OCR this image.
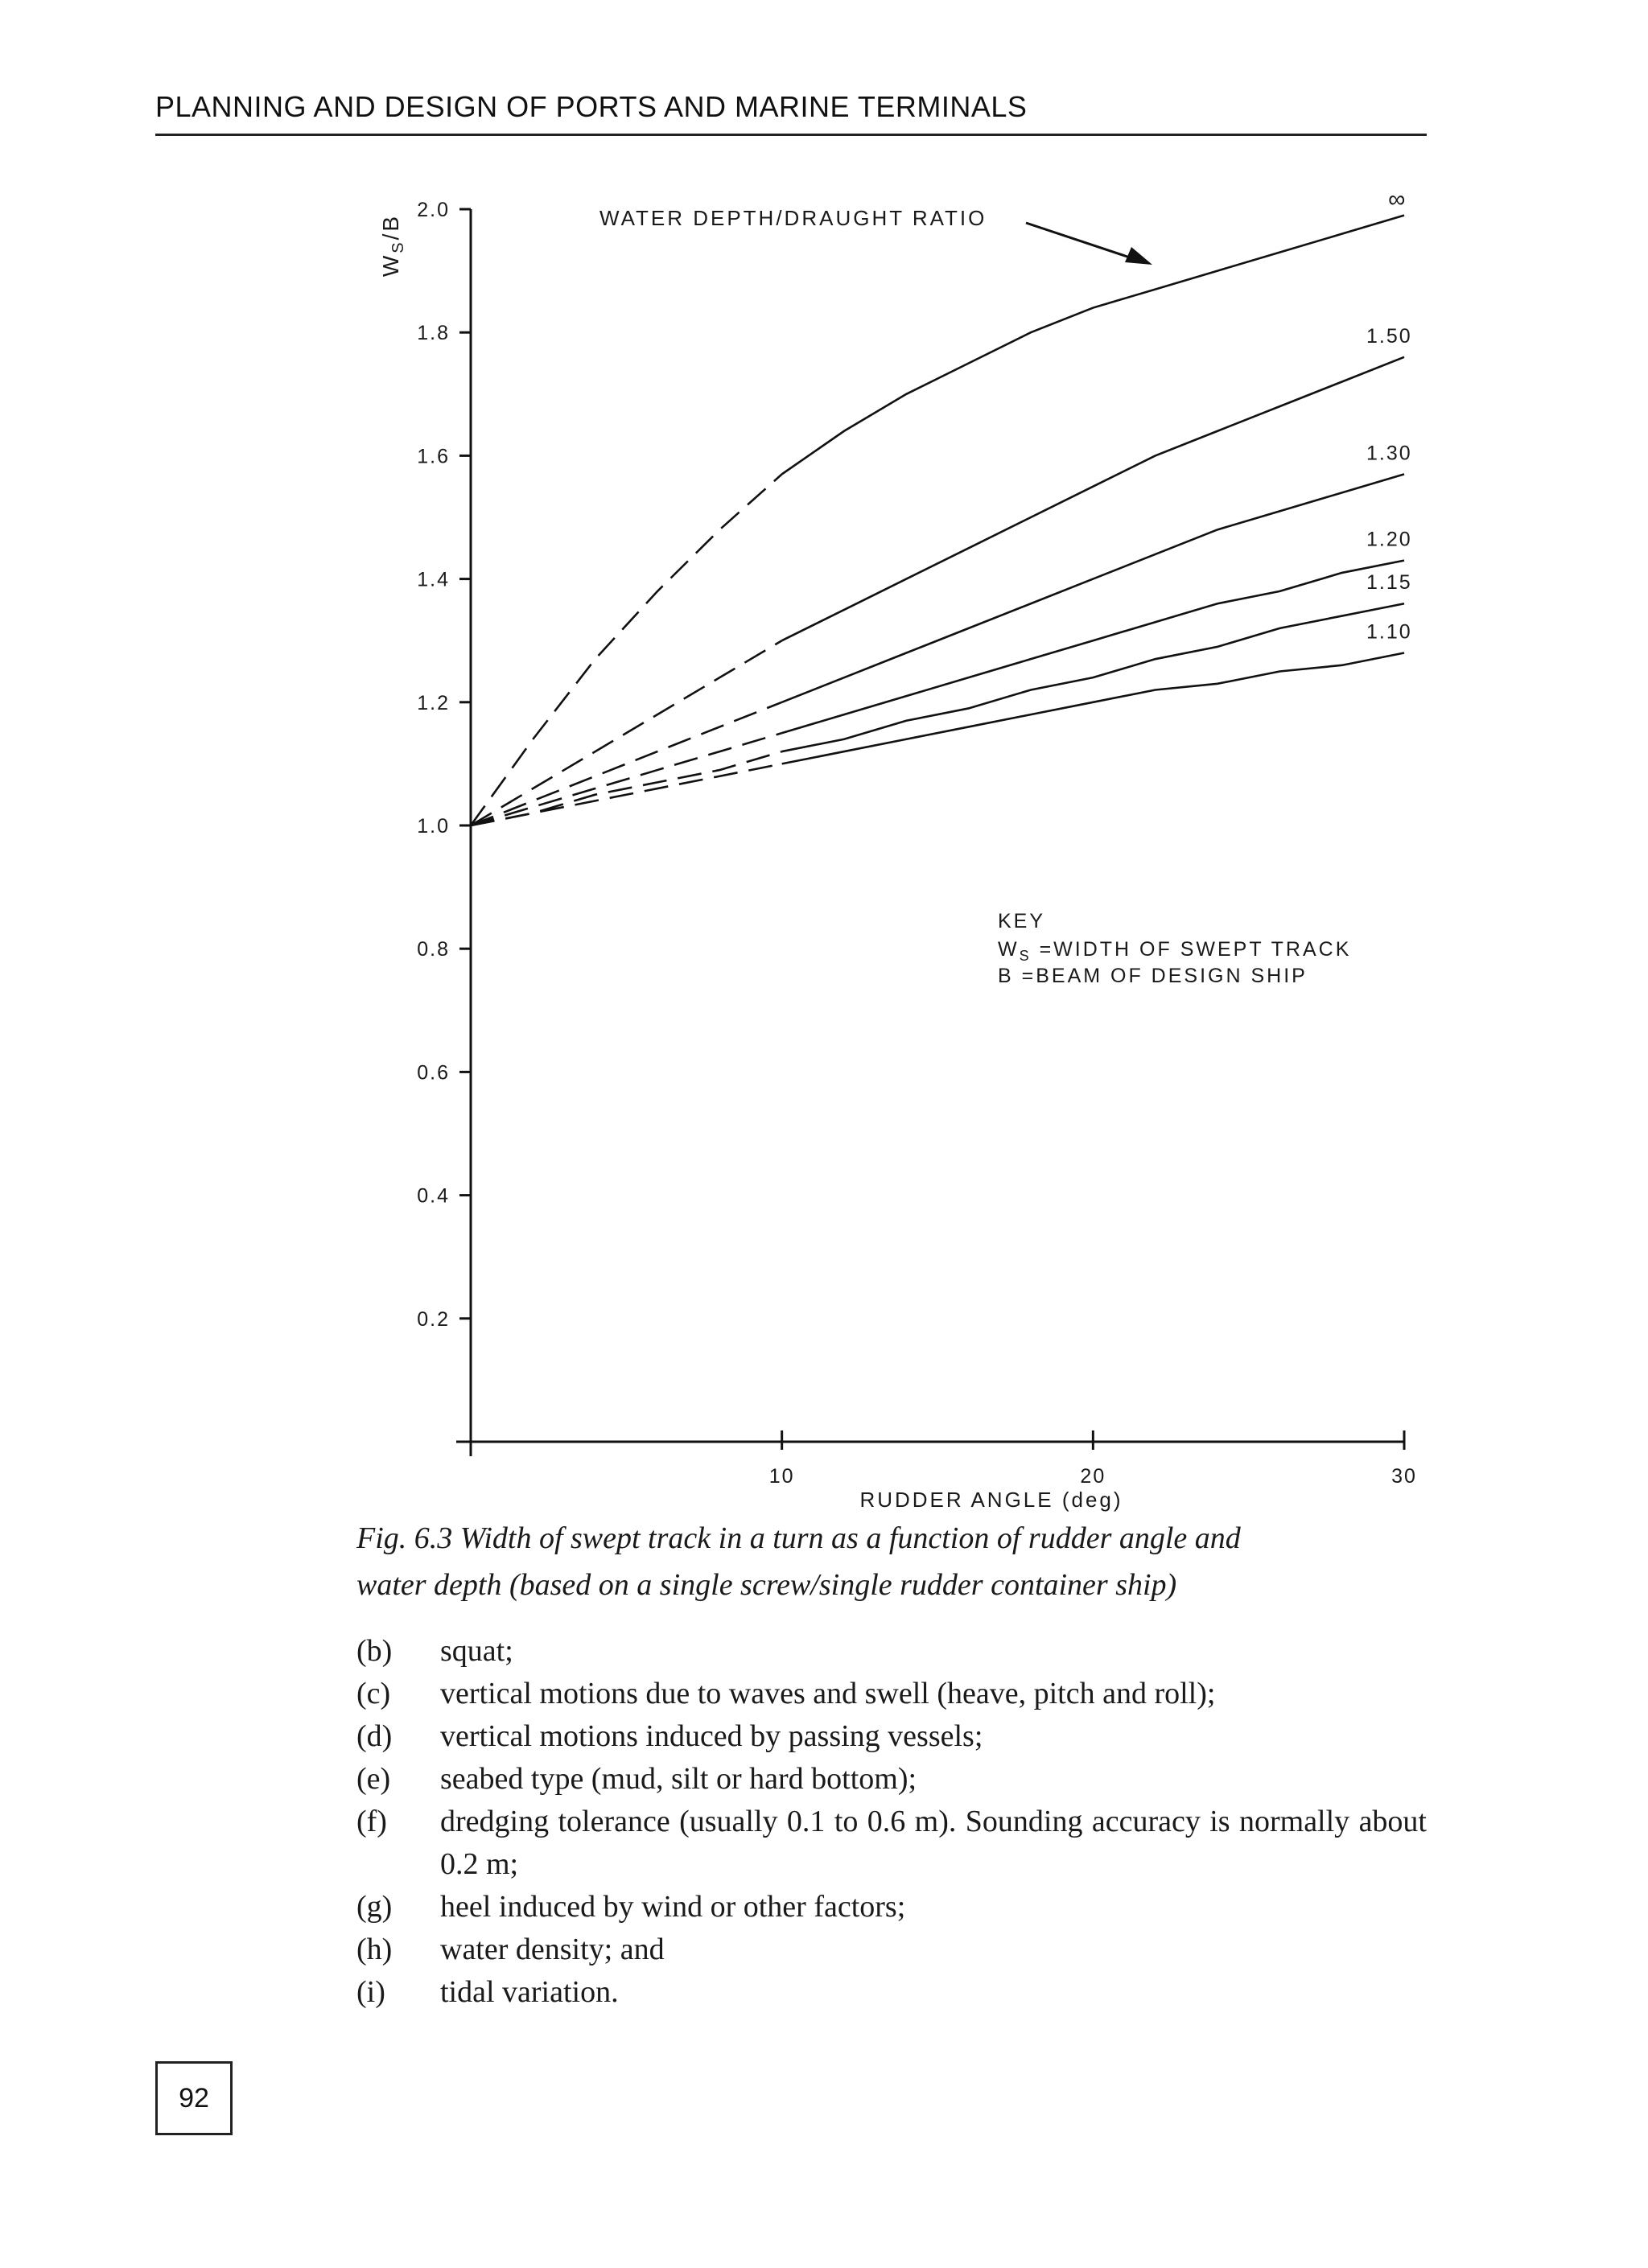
PLANNING AND DESIGN OF PORTS AND MARINE TERMINALS
0.2
0.4
0.6
0.8
1.0
1.2
1.4
1.6
1.8
2.0
10	20	30
$W_S/B$
RUDDER ANGLE (deg)
WATER DEPTH/DRAUGHT RATIO
∞
1.50
1.30
1.20
1.15
1.10
KEY
$W_S$ =WIDTH OF SWEPT TRACK
B =BEAM OF DESIGN SHIP

Fig. 6.3 Width of swept track in a turn as a function of rudder angle and

water depth (based on a single screw/single rudder container ship)

(b)	squat;
(c)	vertical motions due to waves and swell (heave, pitch and roll);
(d)	vertical motions induced by passing vessels;
(e)	seabed type (mud, silt or hard bottom);
(f)	dredging tolerance (usually 0.1 to 0.6 m). Sounding accuracy is normally about 0.2 m;
(g)	heel induced by wind or other factors;
(h)	water density; and
(i)	tidal variation.
92
